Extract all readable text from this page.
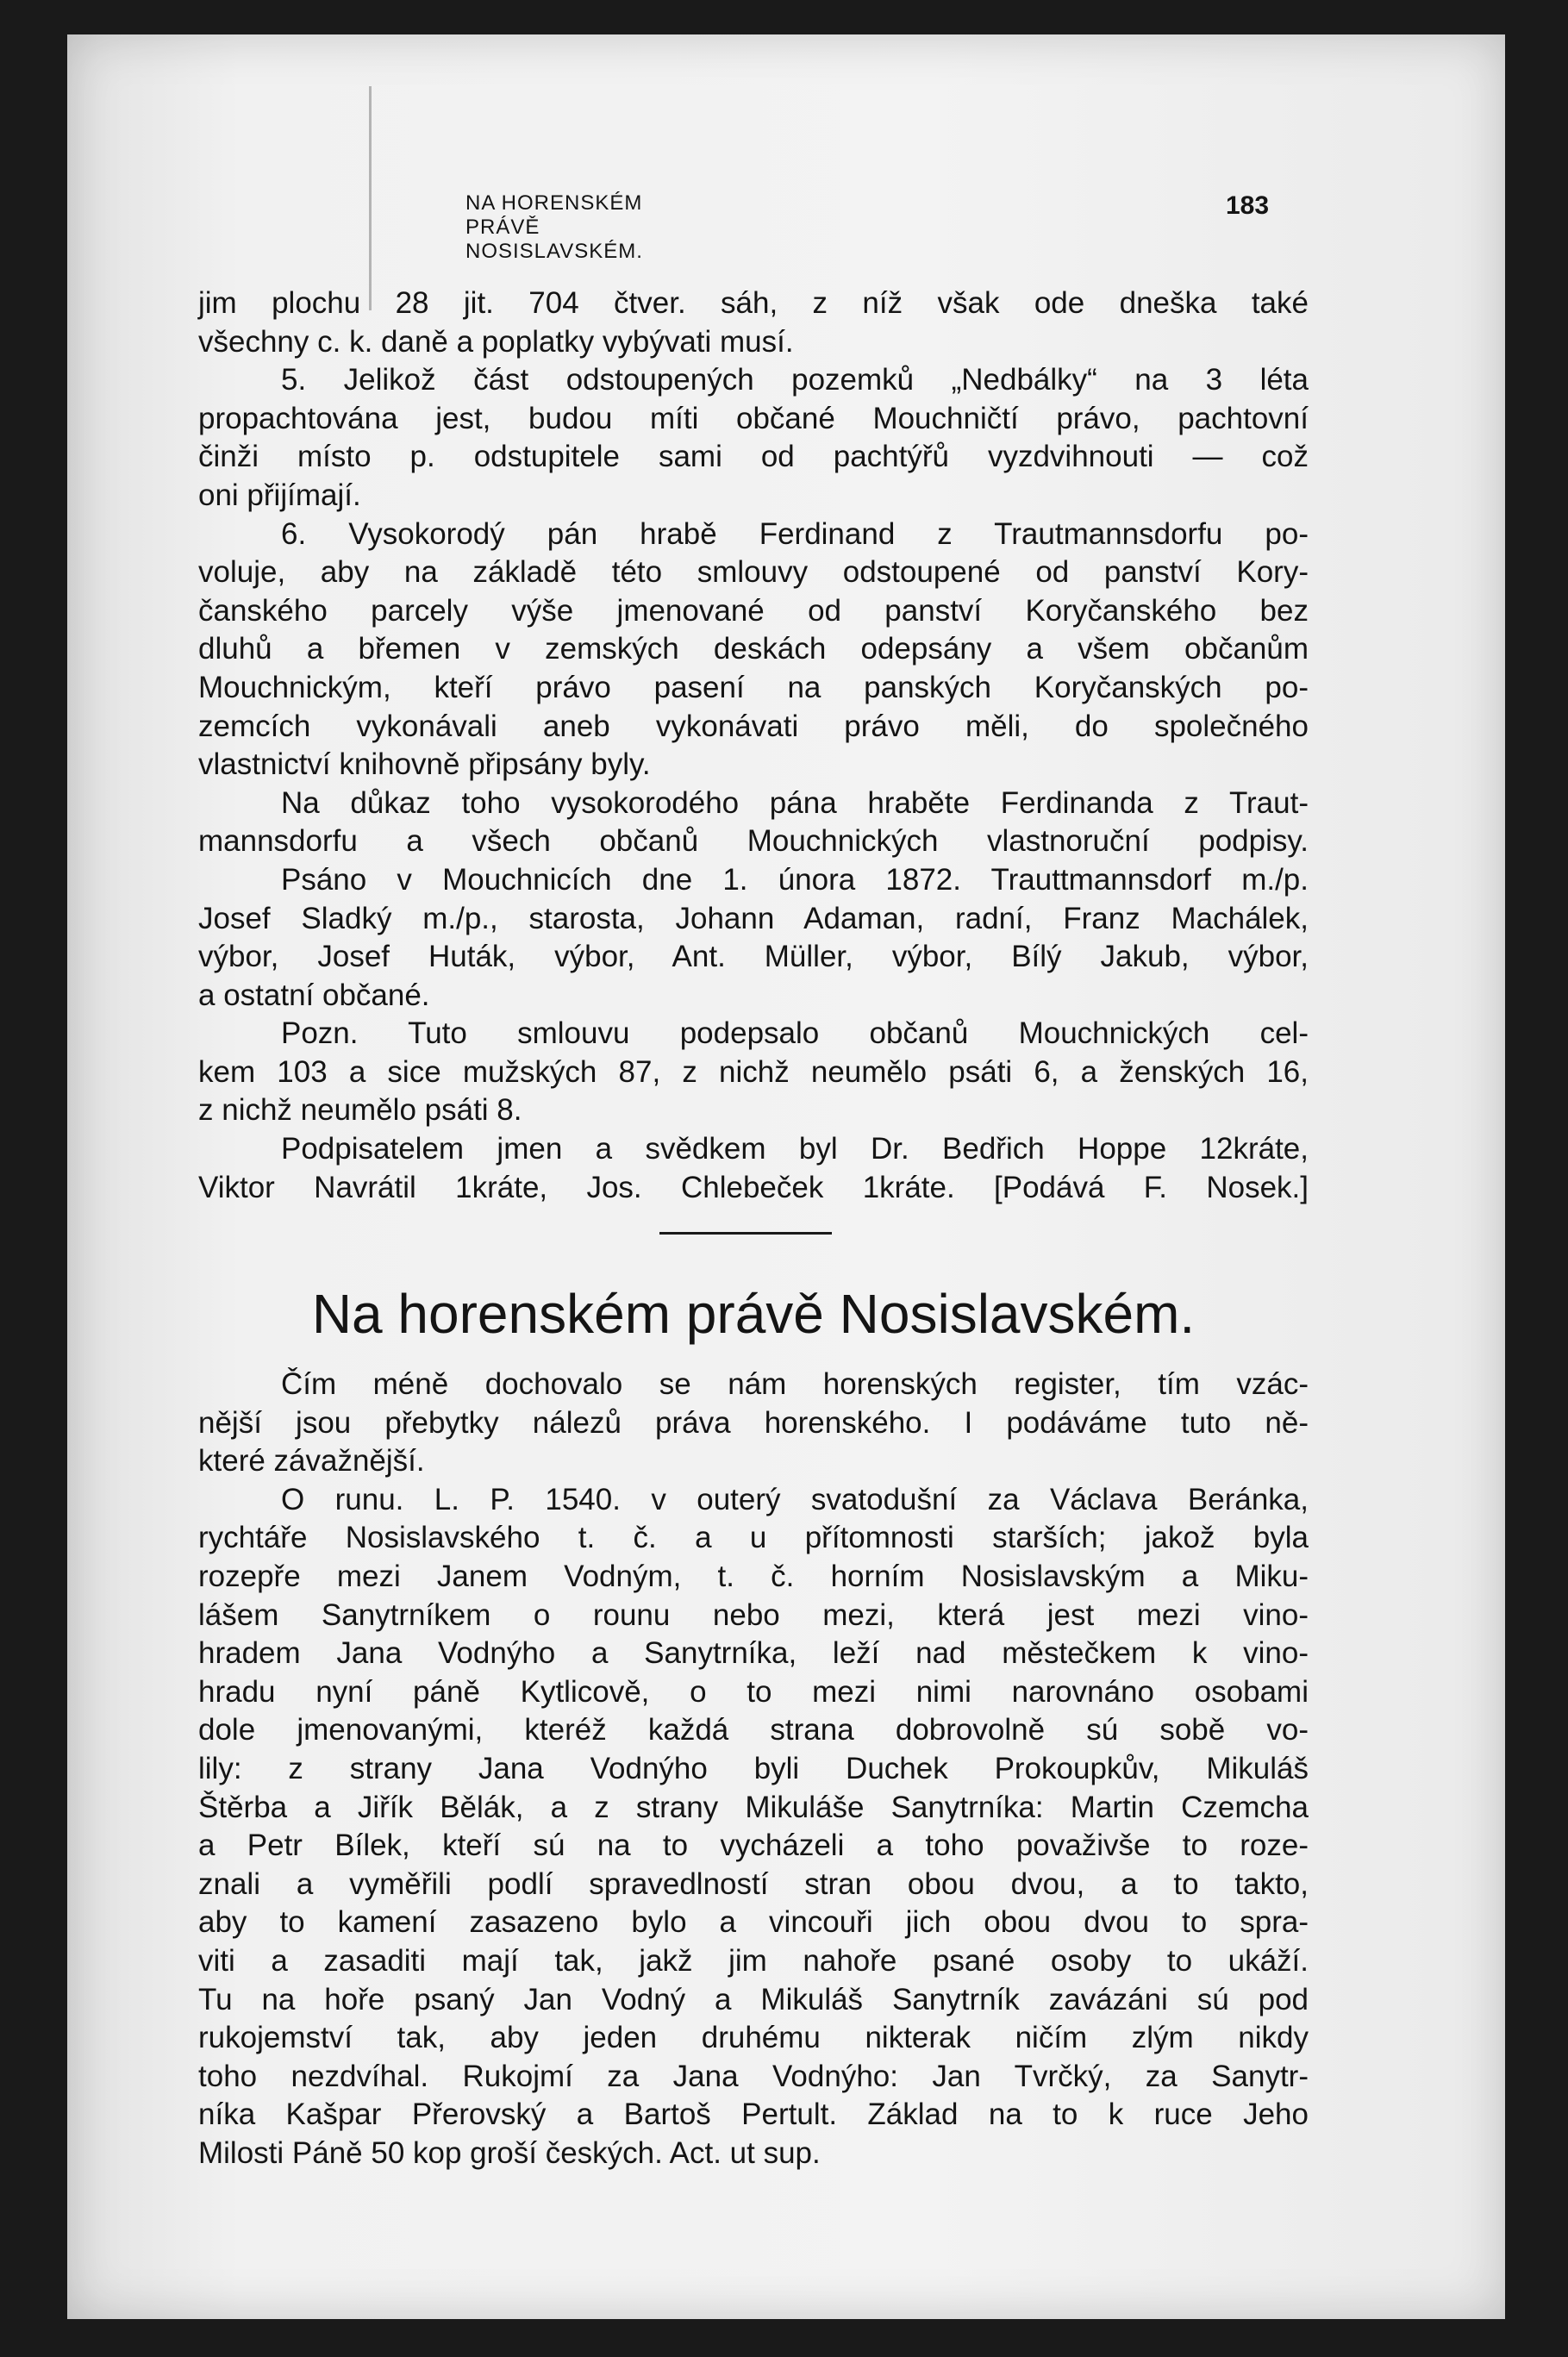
NA HORENSKÉM PRÁVĚ NOSISLAVSKÉM.
183
jim plochu 28 jit. 704 čtver. sáh, z níž však ode dneška také
všechny c. k. daně a poplatky vybývati musí.
5. Jelikož část odstoupených pozemků „Nedbálky“ na 3 léta
propachtována jest, budou míti občané Mouchničtí právo, pachtovní
činži místo p. odstupitele sami od pachtýřů vyzdvihnouti — což
oni přijímají.
6. Vysokorodý pán hrabě Ferdinand z Trautmannsdorfu po-
voluje, aby na základě této smlouvy odstoupené od panství Kory-
čanského parcely výše jmenované od panství Koryčanského bez
dluhů a břemen v zemských deskách odepsány a všem občanům
Mouchnickým, kteří právo pasení na panských Koryčanských po-
zemcích vykonávali aneb vykonávati právo měli, do společného
vlastnictví knihovně připsány byly.
Na důkaz toho vysokorodého pána hraběte Ferdinanda z Traut-
mannsdorfu a všech občanů Mouchnických vlastnoruční podpisy.
Psáno v Mouchnicích dne 1. února 1872. Trauttmannsdorf m./p.
Josef Sladký m./p., starosta, Johann Adaman, radní, Franz Machálek,
výbor, Josef Huták, výbor, Ant. Müller, výbor, Bílý Jakub, výbor,
a ostatní občané.
Pozn. Tuto smlouvu podepsalo občanů Mouchnických cel-
kem 103 a sice mužských 87, z nichž neumělo psáti 6, a ženských 16,
z nichž neumělo psáti 8.
Podpisatelem jmen a svědkem byl Dr. Bedřich Hoppe 12kráte,
Viktor Navrátil 1kráte, Jos. Chlebeček 1kráte. [Podává F. Nosek.]
Na horenském právě Nosislavském.
Čím méně dochovalo se nám horenských register, tím vzác-
nější jsou přebytky nálezů práva horenského. I podáváme tuto ně-
které závažnější.
O runu. L. P. 1540. v outerý svatodušní za Václava Beránka,
rychtáře Nosislavského t. č. a u přítomnosti starších; jakož byla
rozepře mezi Janem Vodným, t. č. horním Nosislavským a Miku-
lášem Sanytrníkem o rounu nebo mezi, která jest mezi vino-
hradem Jana Vodnýho a Sanytrníka, leží nad městečkem k vino-
hradu nyní páně Kytlicově, o to mezi nimi narovnáno osobami
dole jmenovanými, kteréž každá strana dobrovolně sú sobě vo-
lily: z strany Jana Vodnýho byli Duchek Prokoupkův, Mikuláš
Štěrba a Jiřík Bělák, a z strany Mikuláše Sanytrníka: Martin Czemcha
a Petr Bílek, kteří sú na to vycházeli a toho považivše to roze-
znali a vyměřili podlí spravedlností stran obou dvou, a to takto,
aby to kamení zasazeno bylo a vincouři jich obou dvou to spra-
viti a zasaditi mají tak, jakž jim nahoře psané osoby to ukáží.
Tu na hoře psaný Jan Vodný a Mikuláš Sanytrník zavázáni sú pod
rukojemství tak, aby jeden druhému nikterak ničím zlým nikdy
toho nezdvíhal. Rukojmí za Jana Vodnýho: Jan Tvrčký, za Sanytr-
níka Kašpar Přerovský a Bartoš Pertult. Základ na to k ruce Jeho
Milosti Páně 50 kop groší českých. Act. ut sup.
